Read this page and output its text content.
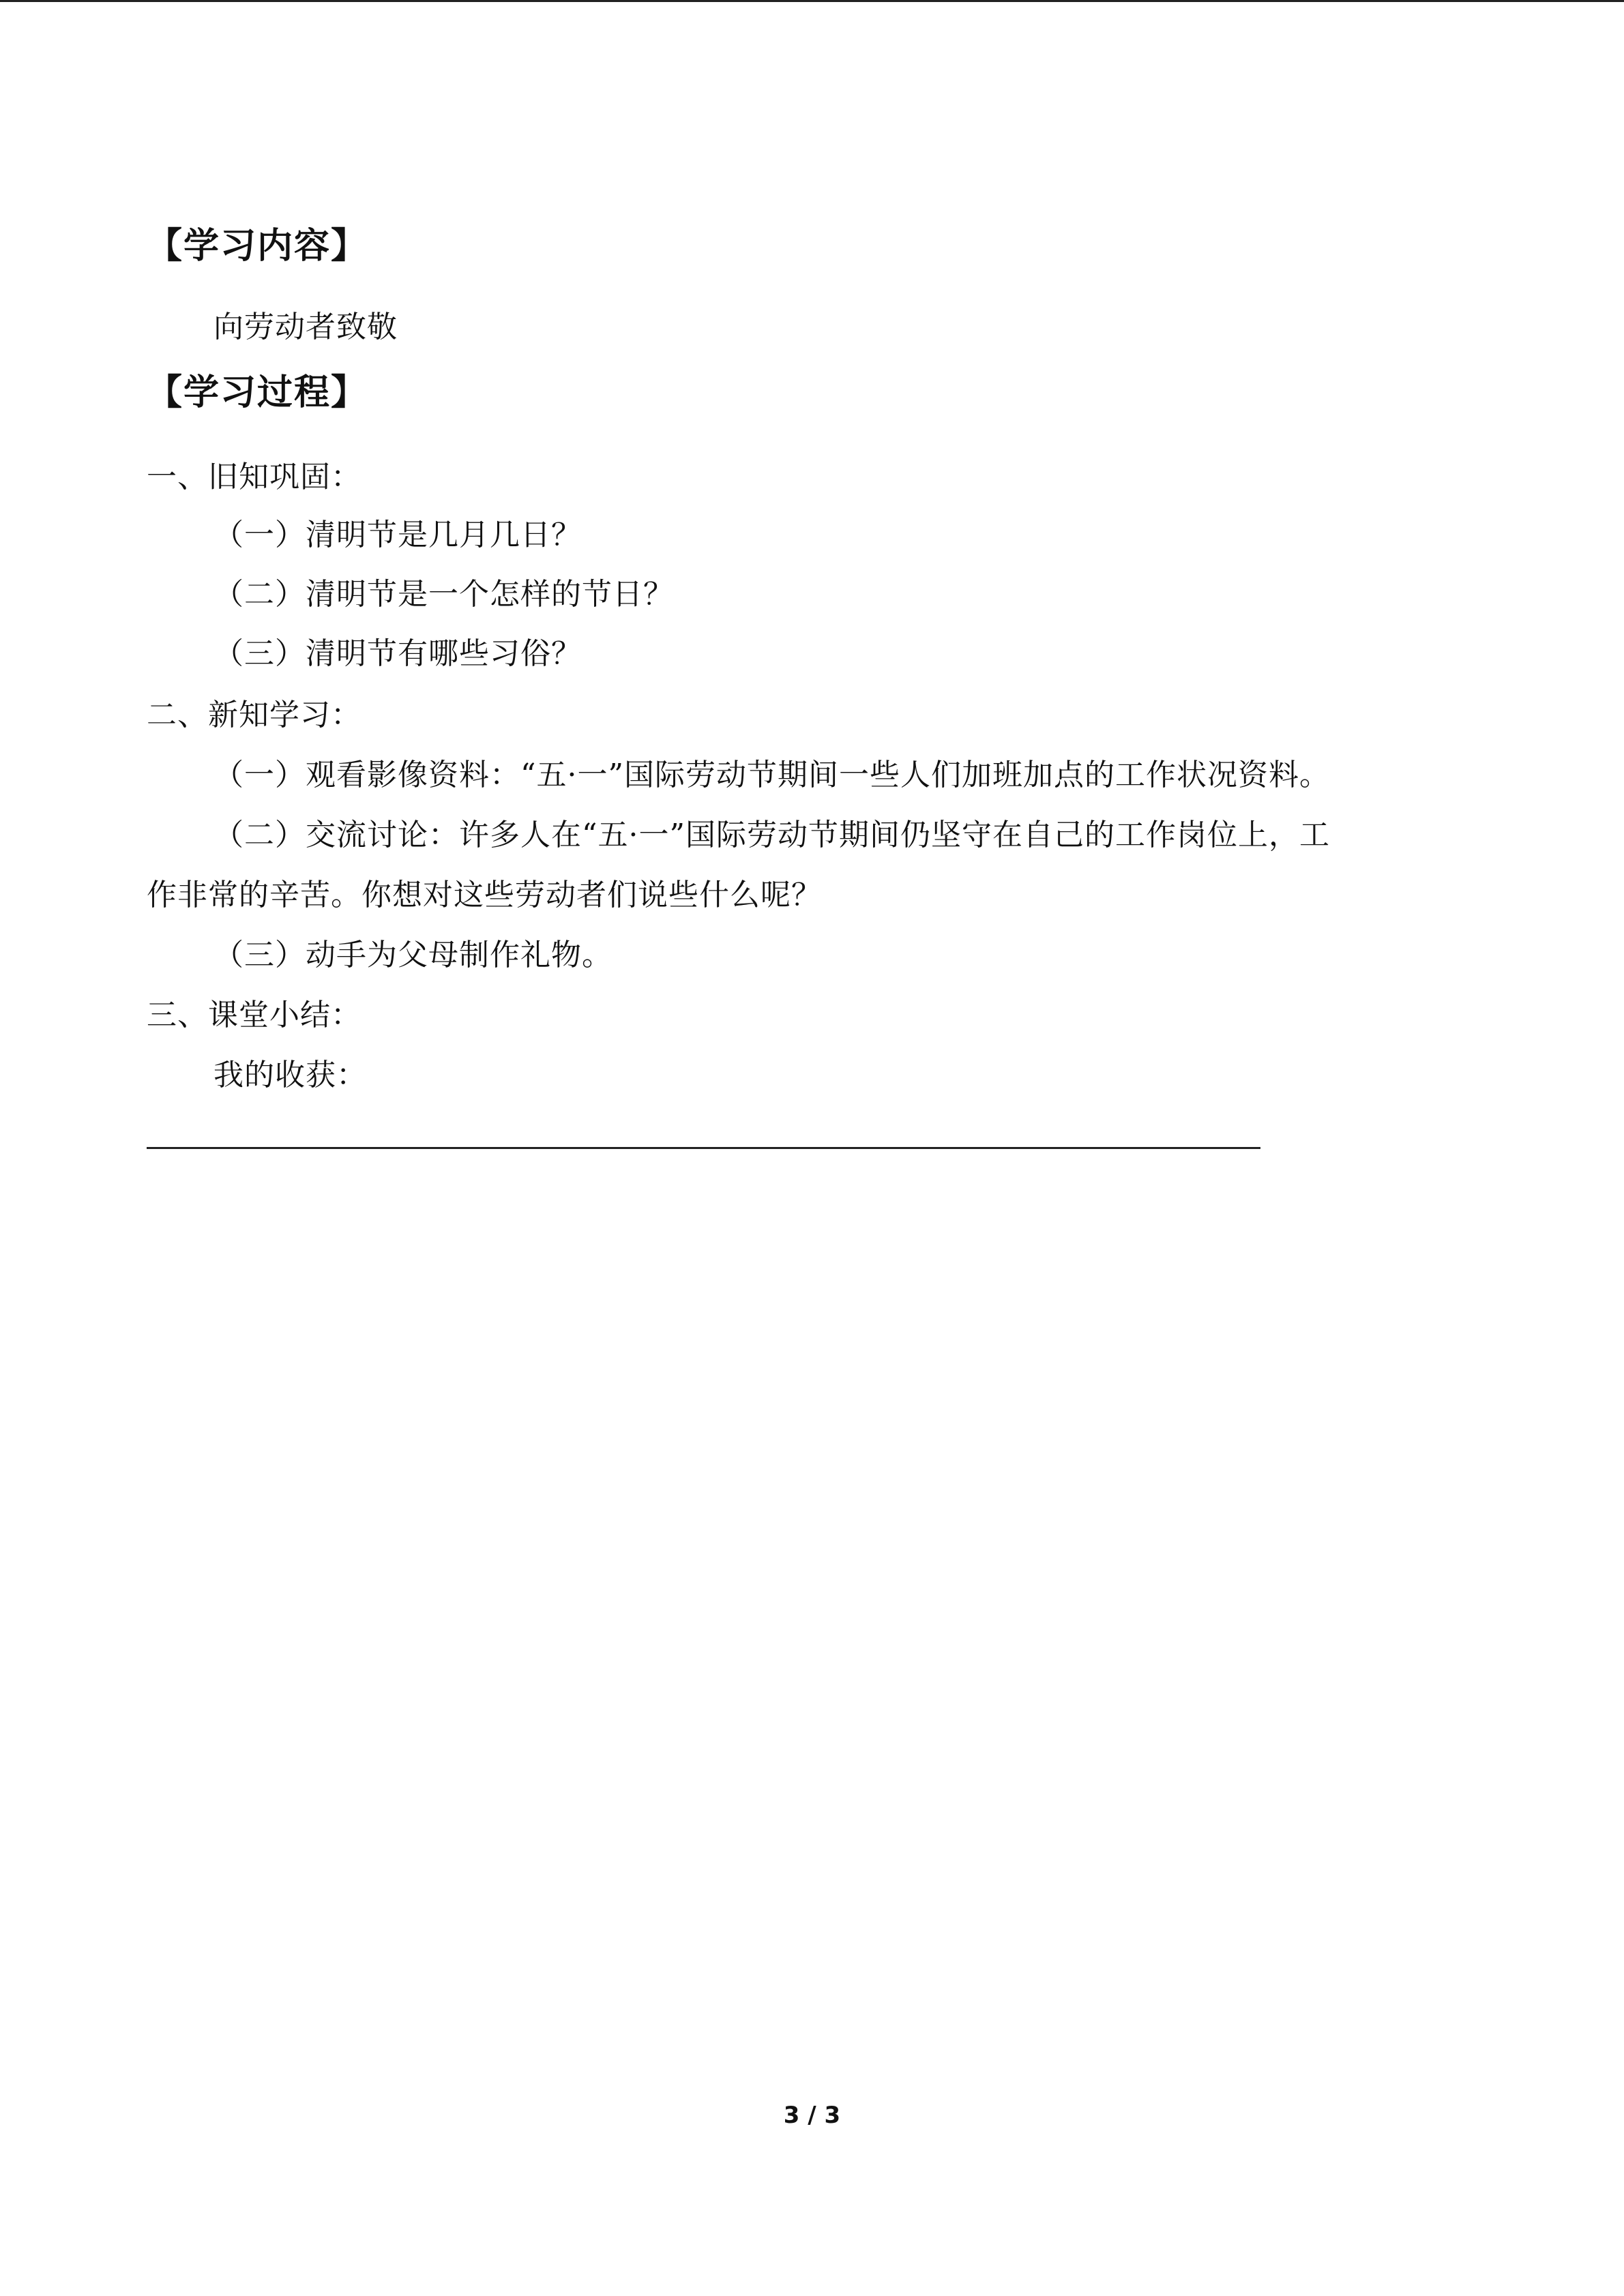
【学习内容】
向劳动者致敬
【学习过程】
一、旧知巩固：
（一）清明节是几月几日？
（二）清明节是一个怎样的节日？
（三）清明节有哪些习俗？
二、新知学习：
（一）观看影像资料：“五·一”国际劳动节期间一些人们加班加点的工作状况资料。
（二）交流讨论：许多人在“五·一”国际劳动节期间仍坚守在自己的工作岗位上，工
作非常的辛苦。你想对这些劳动者们说些什么呢？
（三）动手为父母制作礼物。
三、课堂小结：
我的收获：
3 / 3
